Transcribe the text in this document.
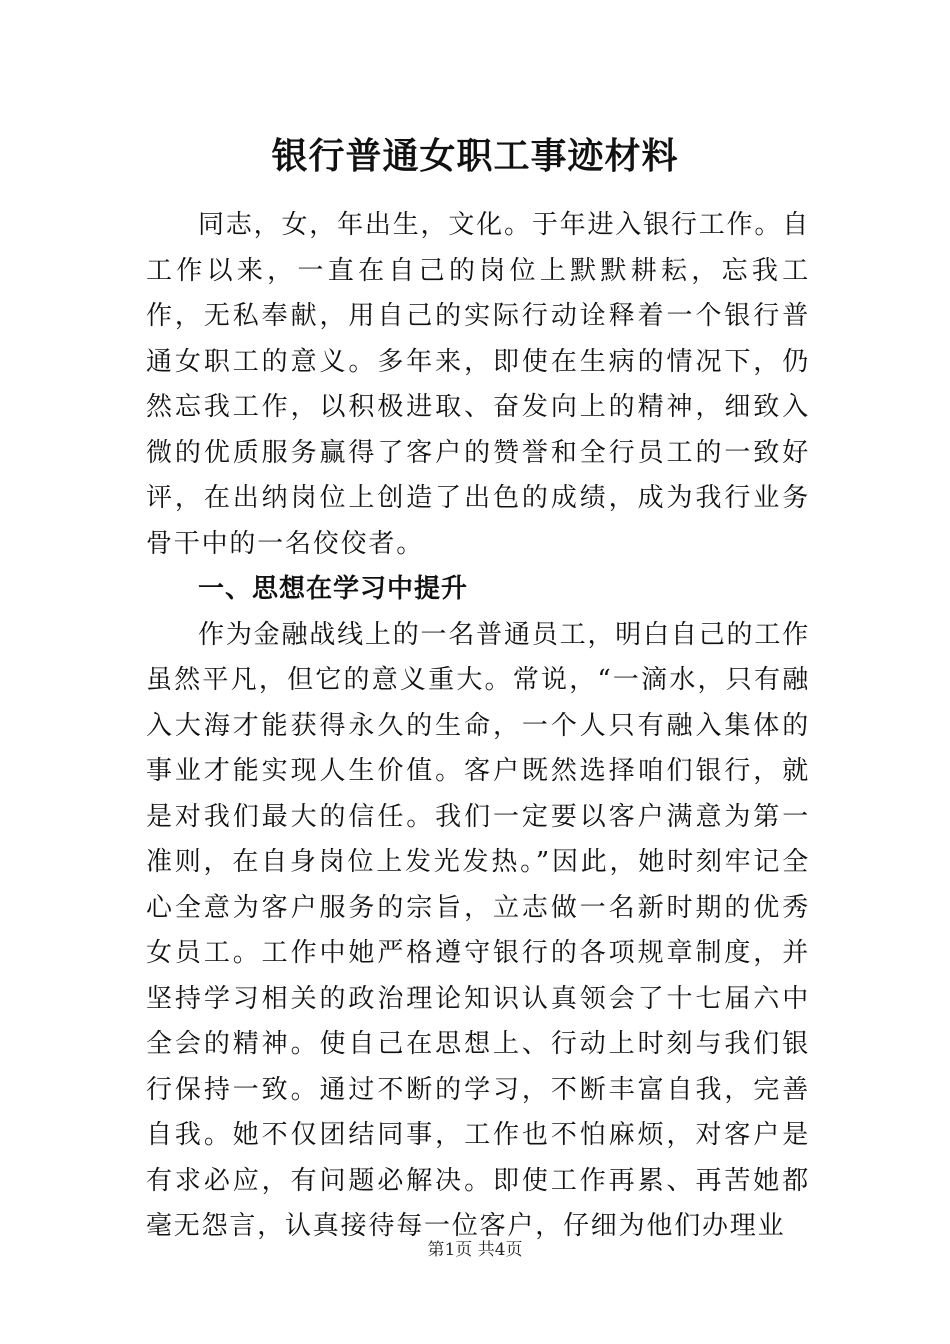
银行普通女职工事迹材料

同志，女，年出生，文化。于年进入银行工作。自工作以来，一直在自己的岗位上默默耕耘，忘我工作，无私奉献，用自己的实际行动诠释着一个银行普通女职工的意义。多年来，即使在生病的情况下，仍然忘我工作，以积极进取、奋发向上的精神，细致入微的优质服务赢得了客户的赞誉和全行员工的一致好评，在出纳岗位上创造了出色的成绩，成为我行业务骨干中的一名佼佼者。

一、思想在学习中提升

作为金融战线上的一名普通员工，明白自己的工作虽然平凡，但它的意义重大。常说，“一滴水，只有融入大海才能获得永久的生命，一个人只有融入集体的事业才能实现人生价值。客户既然选择咱们银行，就是对我们最大的信任。我们一定要以客户满意为第一准则，在自身岗位上发光发热。”因此，她时刻牢记全心全意为客户服务的宗旨，立志做一名新时期的优秀女员工。工作中她严格遵守银行的各项规章制度，并坚持学习相关的政治理论知识认真领会了十七届六中全会的精神。使自己在思想上、行动上时刻与我们银行保持一致。通过不断的学习，不断丰富自我，完善自我。她不仅团结同事，工作也不怕麻烦，对客户是有求必应，有问题必解决。即使工作再累、再苦她都毫无怨言，认真接待每一位客户，仔细为他们办理业

第1页 共4页
